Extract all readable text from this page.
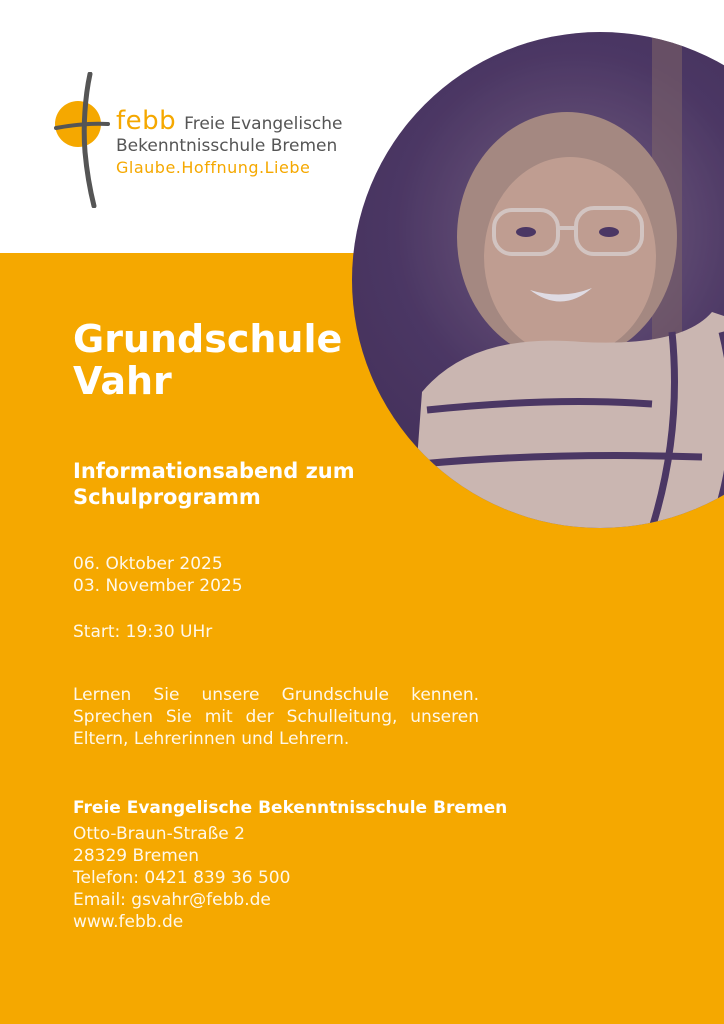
febb Freie Evangelische
Bekenntnisschule Bremen
Glaube.Hoffnung.Liebe
Grundschule
Vahr
Informationsabend zum
Schulprogramm
06. Oktober 2025
03. November 2025
Start: 19:30 UHr

Lernen Sie unsere Grundschule kennen. Sprechen Sie mit der Schulleitung, unseren Eltern, Lehrerinnen und Lehrern.

Freie Evangelische Bekenntnisschule Bremen

Otto-Braun-Straße 2
28329 Bremen
Telefon: 0421 839 36 500
Email: gsvahr@febb.de
www.febb.de
